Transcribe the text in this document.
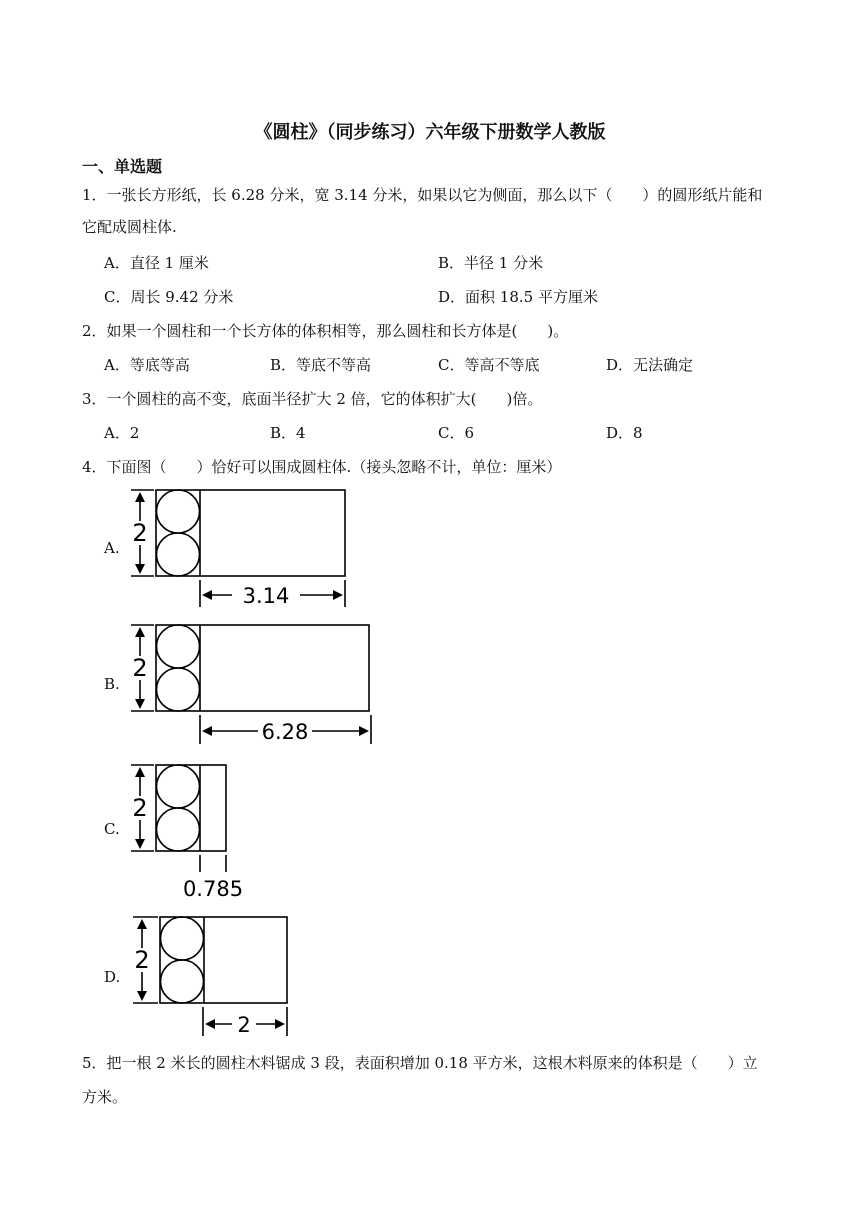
《圆柱》（同步练习）六年级下册数学人教版
一、单选题
1．一张长方形纸，长 6.28 分米，宽 3.14 分米，如果以它为侧面，那么以下（　　）的圆形纸片能和
它配成圆柱体.
A．直径 1 厘米	B．半径 1 分米
C．周长 9.42 分米	D．面积 18.5 平方厘米
2．如果一个圆柱和一个长方体的体积相等，那么圆柱和长方体是(　　)。
A．等底等高	B．等底不等高	C．等高不等底	D．无法确定
3．一个圆柱的高不变，底面半径扩大 2 倍，它的体积扩大(　　)倍。
A．2	B．4	C．6	D．8
4．下面图（　　）恰好可以围成圆柱体.（接头忽略不计，单位：厘米）
A.
2
3.14
B.
2
6.28
C.
2
0.785
D.
2
2
5．把一根 2 米长的圆柱木料锯成 3 段，表面积增加 0.18 平方米，这根木料原来的体积是（　　）立
方米。
